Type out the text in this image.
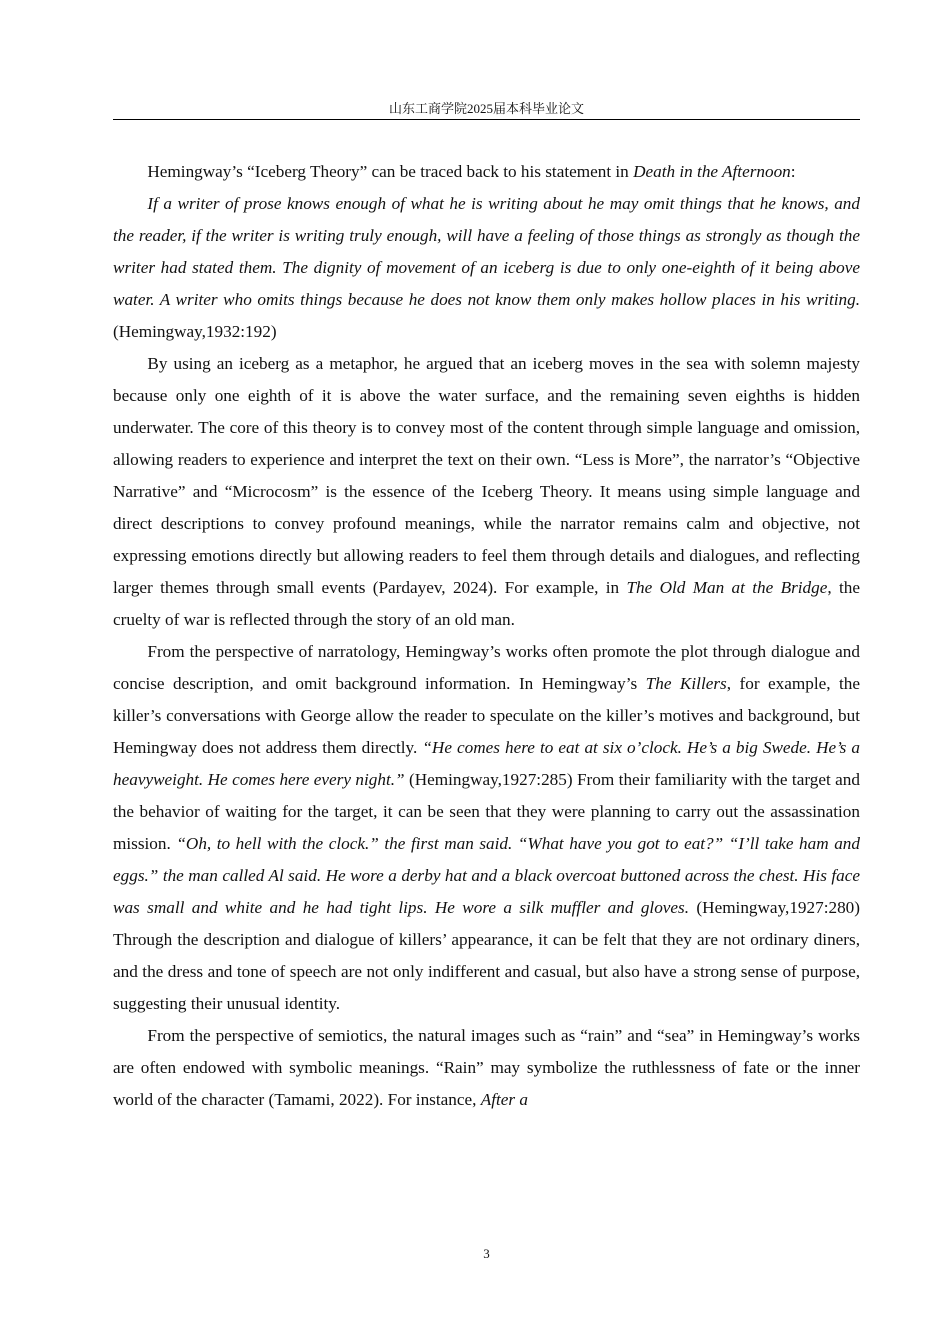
山东工商学院2025届本科毕业论文

Hemingway’s “Iceberg Theory” can be traced back to his statement in Death in the Afternoon:

If a writer of prose knows enough of what he is writing about he may omit things that he knows, and the reader, if the writer is writing truly enough, will have a feeling of those things as strongly as though the writer had stated them. The dignity of movement of an iceberg is due to only one-eighth of it being above water. A writer who omits things because he does not know them only makes hollow places in his writing. (Hemingway,1932:192)

By using an iceberg as a metaphor, he argued that an iceberg moves in the sea with solemn majesty because only one eighth of it is above the water surface, and the remaining seven eighths is hidden underwater. The core of this theory is to convey most of the content through simple language and omission, allowing readers to experience and interpret the text on their own. “Less is More”, the narrator’s “Objective Narrative” and “Microcosm” is the essence of the Iceberg Theory. It means using simple language and direct descriptions to convey profound meanings, while the narrator remains calm and objective, not expressing emotions directly but allowing readers to feel them through details and dialogues, and reflecting larger themes through small events (Pardayev, 2024). For example, in The Old Man at the Bridge, the cruelty of war is reflected through the story of an old man.

From the perspective of narratology, Hemingway’s works often promote the plot through dialogue and concise description, and omit background information. In Hemingway’s The Killers, for example, the killer’s conversations with George allow the reader to speculate on the killer’s motives and background, but Hemingway does not address them directly. “He comes here to eat at six o’clock. He’s a big Swede. He’s a heavyweight. He comes here every night.” (Hemingway,1927:285) From their familiarity with the target and the behavior of waiting for the target, it can be seen that they were planning to carry out the assassination mission. “Oh, to hell with the clock.” the first man said. “What have you got to eat?” “I’ll take ham and eggs.” the man called Al said. He wore a derby hat and a black overcoat buttoned across the chest. His face was small and white and he had tight lips. He wore a silk muffler and gloves. (Hemingway,1927:280) Through the description and dialogue of killers’ appearance, it can be felt that they are not ordinary diners, and the dress and tone of speech are not only indifferent and casual, but also have a strong sense of purpose, suggesting their unusual identity.

From the perspective of semiotics, the natural images such as “rain” and “sea” in Hemingway’s works are often endowed with symbolic meanings. “Rain” may symbolize the ruthlessness of fate or the inner world of the character (Tamami, 2022). For instance, After a

3
